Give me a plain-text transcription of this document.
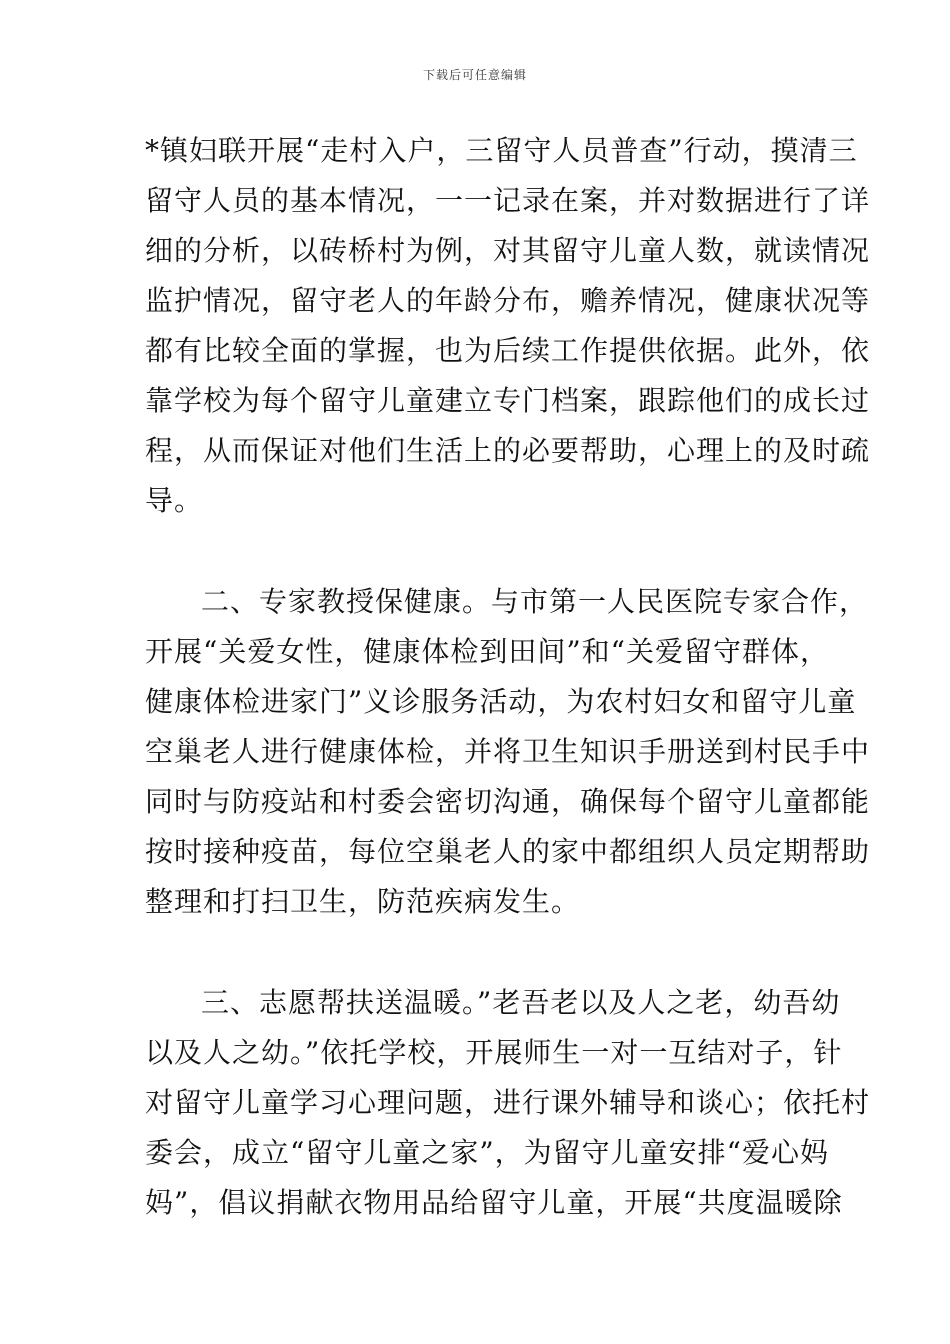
下载后可任意编辑
*镇妇联开展“走村入户，三留守人员普查”行动，摸清三
留守人员的基本情况，一一记录在案，并对数据进行了详
细的分析，以砖桥村为例，对其留守儿童人数，就读情况
监护情况，留守老人的年龄分布，赡养情况，健康状况等
都有比较全面的掌握，也为后续工作提供依据。此外，依
靠学校为每个留守儿童建立专门档案，跟踪他们的成长过
程，从而保证对他们生活上的必要帮助，心理上的及时疏
导。
二、专家教授保健康。与市第一人民医院专家合作，
开展“关爱女性，健康体检到田间”和“关爱留守群体，
健康体检进家门”义诊服务活动，为农村妇女和留守儿童
空巢老人进行健康体检，并将卫生知识手册送到村民手中
同时与防疫站和村委会密切沟通，确保每个留守儿童都能
按时接种疫苗，每位空巢老人的家中都组织人员定期帮助
整理和打扫卫生，防范疾病发生。
三、志愿帮扶送温暖。”老吾老以及人之老，幼吾幼
以及人之幼。”依托学校，开展师生一对一互结对子，针
对留守儿童学习心理问题，进行课外辅导和谈心；依托村
委会，成立“留守儿童之家”，为留守儿童安排“爱心妈
妈”，倡议捐献衣物用品给留守儿童，开展“共度温暖除
